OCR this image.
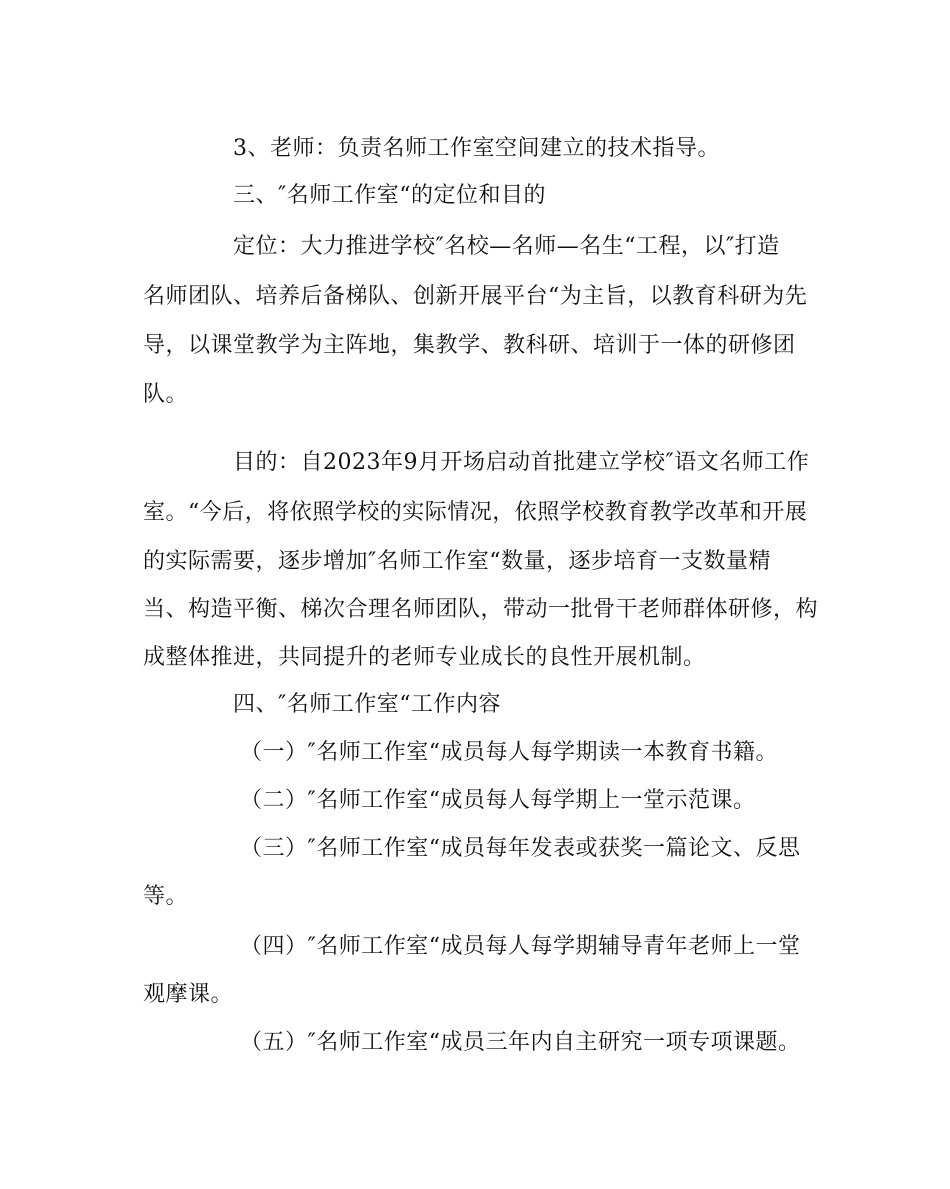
3、老师：负责名师工作室空间建立的技术指导。
三、″名师工作室“的定位和目的
定位：大力推进学校″名校—名师—名生“工程，以″打造
名师团队、培养后备梯队、创新开展平台“为主旨，以教育科研为先
导，以课堂教学为主阵地，集教学、教科研、培训于一体的研修团
队。
目的：自2023年9月开场启动首批建立学校″语文名师工作
室。“今后，将依照学校的实际情况，依照学校教育教学改革和开展
的实际需要，逐步增加″名师工作室“数量，逐步培育一支数量精
当、构造平衡、梯次合理名师团队，带动一批骨干老师群体研修，构
成整体推进，共同提升的老师专业成长的良性开展机制。
四、″名师工作室“工作内容
（一）″名师工作室“成员每人每学期读一本教育书籍。
（二）″名师工作室“成员每人每学期上一堂示范课。
（三）″名师工作室“成员每年发表或获奖一篇论文、反思
等。
（四）″名师工作室“成员每人每学期辅导青年老师上一堂
观摩课。
（五）″名师工作室“成员三年内自主研究一项专项课题。
